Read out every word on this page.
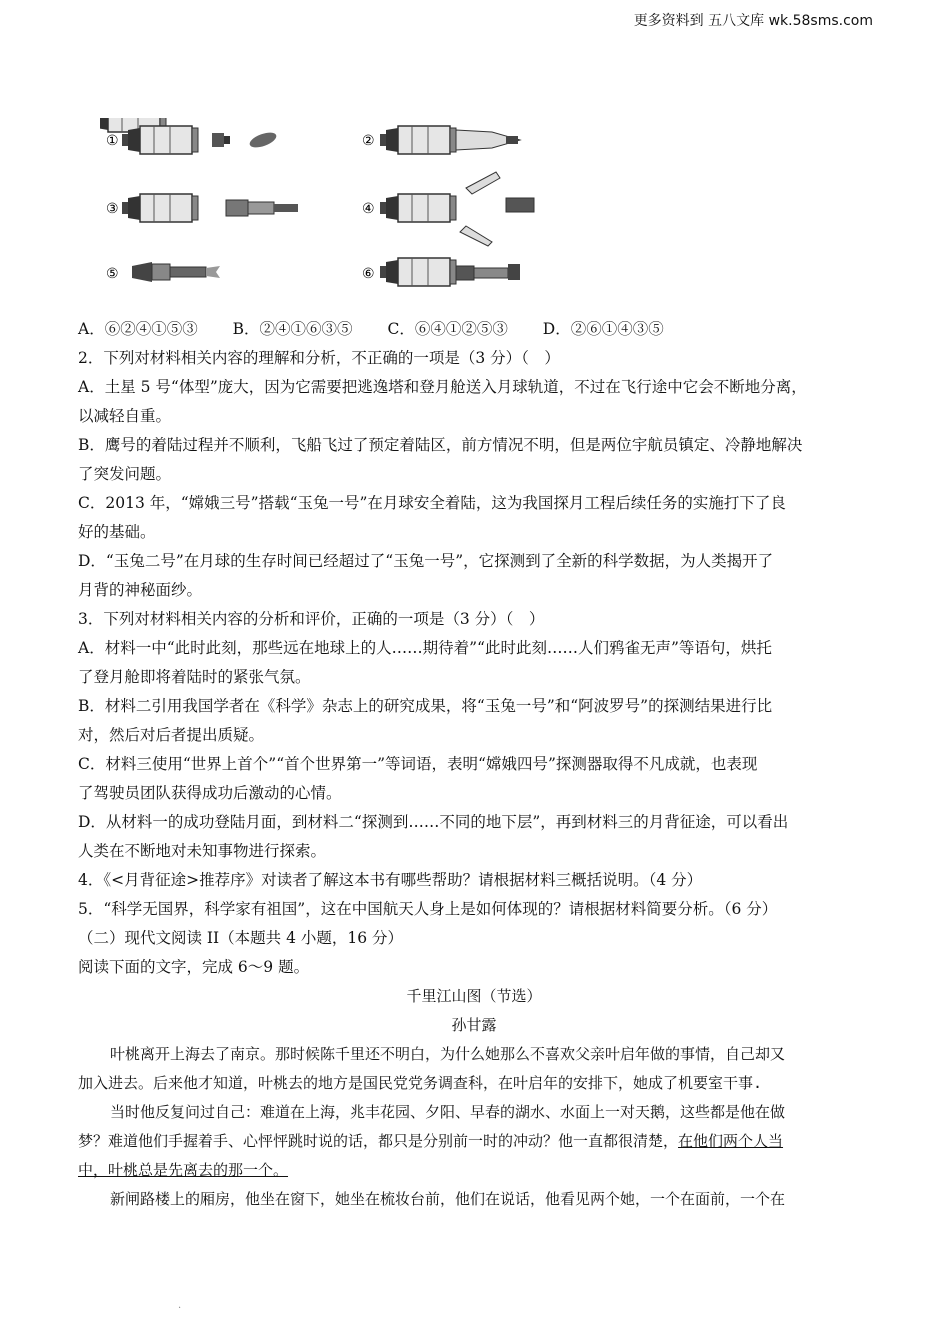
更多资料到 五八文库 wk.58sms.com
①	②
③	④
⑤	⑥
A．⑥②④①⑤③ B．②④①⑥③⑤ C．⑥④①②⑤③ D．②⑥①④③⑤
2．下列对材料相关内容的理解和分析，不正确的一项是（3 分）（　）
A．土星 5 号“体型”庞大，因为它需要把逃逸塔和登月舱送入月球轨道，不过在飞行途中它会不断地分离，
以减轻自重。
B．鹰号的着陆过程并不顺利，飞船飞过了预定着陆区，前方情况不明，但是两位宇航员镇定、冷静地解决
了突发问题。
C．2013 年，“嫦娥三号”搭载“玉兔一号”在月球安全着陆，这为我国探月工程后续任务的实施打下了良
好的基础。
D．“玉兔二号”在月球的生存时间已经超过了“玉兔一号”，它探测到了全新的科学数据，为人类揭开了
月背的神秘面纱。
3．下列对材料相关内容的分析和评价，正确的一项是（3 分）（　）
A．材料一中“此时此刻，那些远在地球上的人……期待着”“此时此刻……人们鸦雀无声”等语句，烘托
了登月舱即将着陆时的紧张气氛。
B．材料二引用我国学者在《科学》杂志上的研究成果，将“玉兔一号”和“阿波罗号”的探测结果进行比
对，然后对后者提出质疑。
C．材料三使用“世界上首个”“首个世界第一”等词语，表明“嫦娥四号”探测器取得不凡成就，也表现
了驾驶员团队获得成功后激动的心情。
D．从材料一的成功登陆月面，到材料二“探测到……不同的地下层”，再到材料三的月背征途，可以看出
人类在不断地对未知事物进行探索。
4．《<月背征途>推荐序》对读者了解这本书有哪些帮助？请根据材料三概括说明。（4 分）
5．“科学无国界，科学家有祖国”，这在中国航天人身上是如何体现的？请根据材料简要分析。（6 分）
（二）现代文阅读 II（本题共 4 小题，16 分）
阅读下面的文字，完成 6～9 题。
千里江山图（节选）
孙甘露
叶桃离开上海去了南京。那时候陈千里还不明白，为什么她那么不喜欢父亲叶启年做的事情，自己却又
加入进去。后来他才知道，叶桃去的地方是国民党党务调查科，在叶启年的安排下，她成了机要室干事.
当时他反复问过自己：难道在上海，兆丰花园、夕阳、早春的湖水、水面上一对天鹅，这些都是他在做
梦？难道他们手握着手、心怦怦跳时说的话，都只是分别前一时的冲动？他一直都很清楚，在他们两个人当
中，叶桃总是先离去的那一个。
新闸路楼上的厢房，他坐在窗下，她坐在梳妆台前，他们在说话，他看见两个她，一个在面前，一个在
.
